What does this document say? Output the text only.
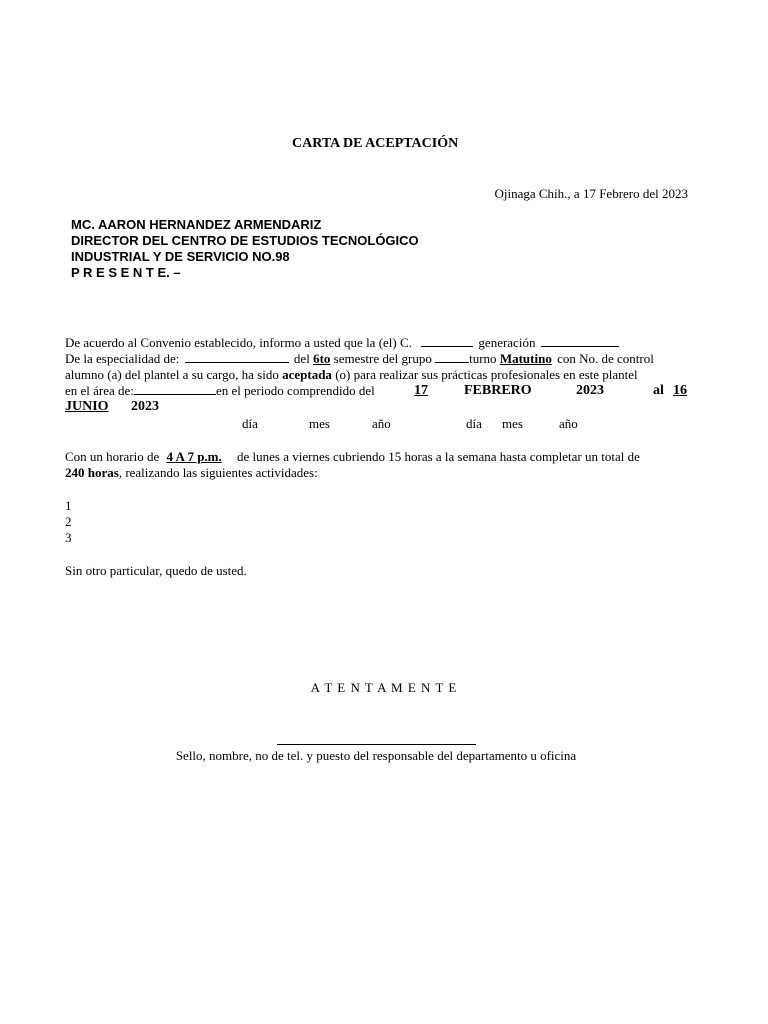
CARTA DE ACEPTACIÓN
Ojinaga Chih., a 17 Febrero del 2023
MC. AARON HERNANDEZ ARMENDARIZ
DIRECTOR DEL CENTRO DE ESTUDIOS TECNOLÓGICO
INDUSTRIAL Y DE SERVICIO NO.98
P R E S E N T E. –
De acuerdo al Convenio establecido, informo a usted que la (el) C.	generación
De la especialidad de:	del 6to semestre del grupo	turno Matutino con No. de control
alumno (a) del plantel a su cargo, ha sido aceptada (o) para realizar sus prácticas profesionales en este plantel
en el área de:	en el periodo comprendido del	17	FEBRERO	2023	al 16
JUNIO 2023
día	mes	año	día mes	año
Con un horario de 4 A 7 p.m. de lunes a viernes cubriendo 15 horas a la semana hasta completar un total de
240 horas, realizando las siguientes actividades:
1
2
3
Sin otro particular, quedo de usted.
A T E N T A M E N T E
Sello, nombre, no de tel. y puesto del responsable del departamento u oficina
